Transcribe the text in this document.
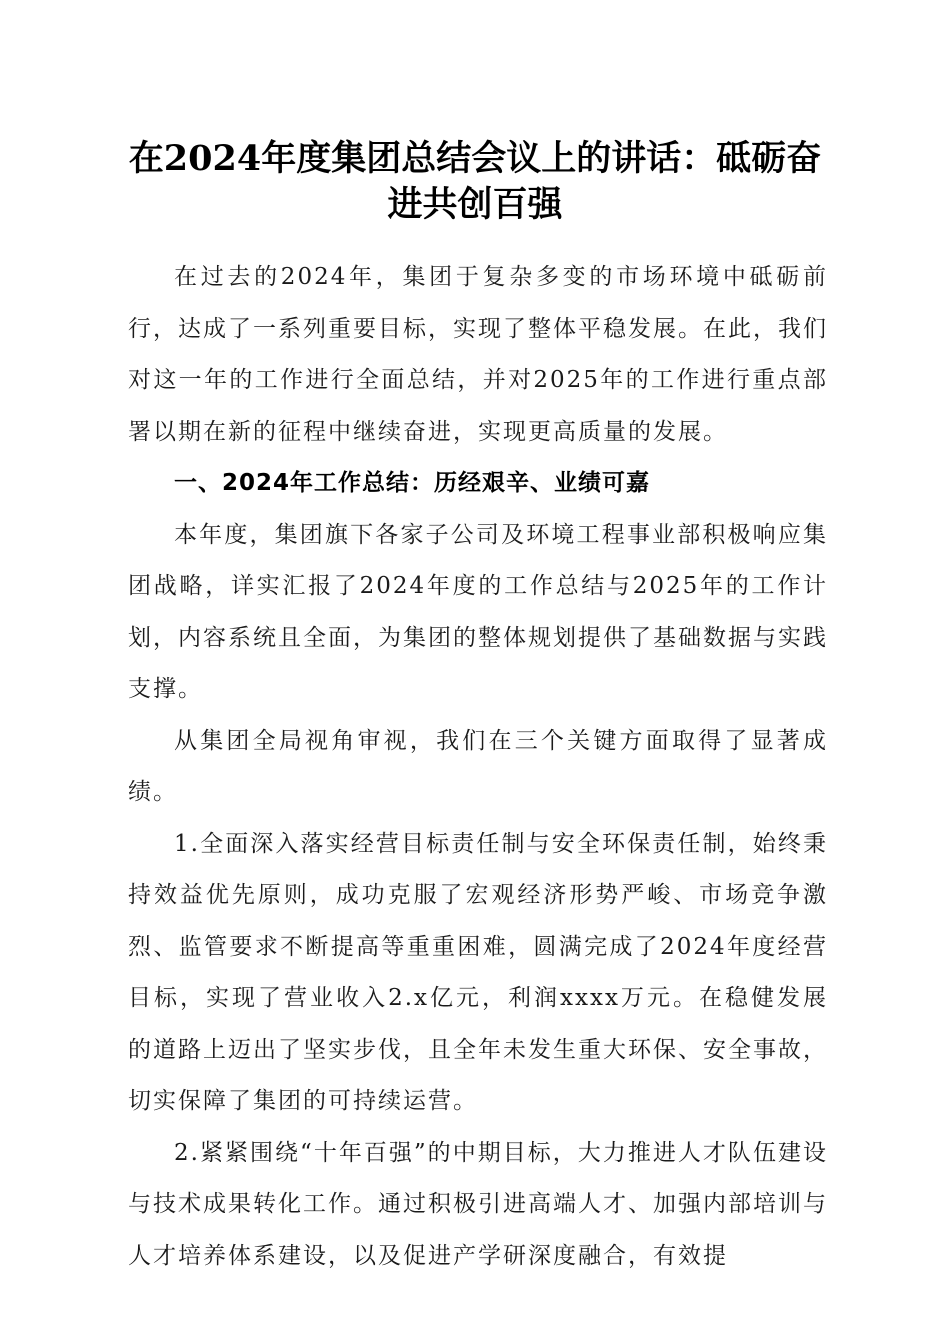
在2024年度集团总结会议上的讲话：砥砺奋
进共创百强

在过去的2024年，集团于复杂多变的市场环境中砥砺前行，达成了一系列重要目标，实现了整体平稳发展。在此，我们对这一年的工作进行全面总结，并对2025年的工作进行重点部署以期在新的征程中继续奋进，实现更高质量的发展。

一、2024年工作总结：历经艰辛、业绩可嘉

本年度，集团旗下各家子公司及环境工程事业部积极响应集团战略，详实汇报了2024年度的工作总结与2025年的工作计划，内容系统且全面，为集团的整体规划提供了基础数据与实践支撑。

从集团全局视角审视，我们在三个关键方面取得了显著成绩。

1.全面深入落实经营目标责任制与安全环保责任制，始终秉持效益优先原则，成功克服了宏观经济形势严峻、市场竞争激烈、监管要求不断提高等重重困难，圆满完成了2024年度经营目标，实现了营业收入2.x亿元，利润xxxx万元。在稳健发展的道路上迈出了坚实步伐，且全年未发生重大环保、安全事故，切实保障了集团的可持续运营。

2.紧紧围绕“十年百强”的中期目标，大力推进人才队伍建设与技术成果转化工作。通过积极引进高端人才、加强内部培训与人才培养体系建设，以及促进产学研深度融合，有效提
